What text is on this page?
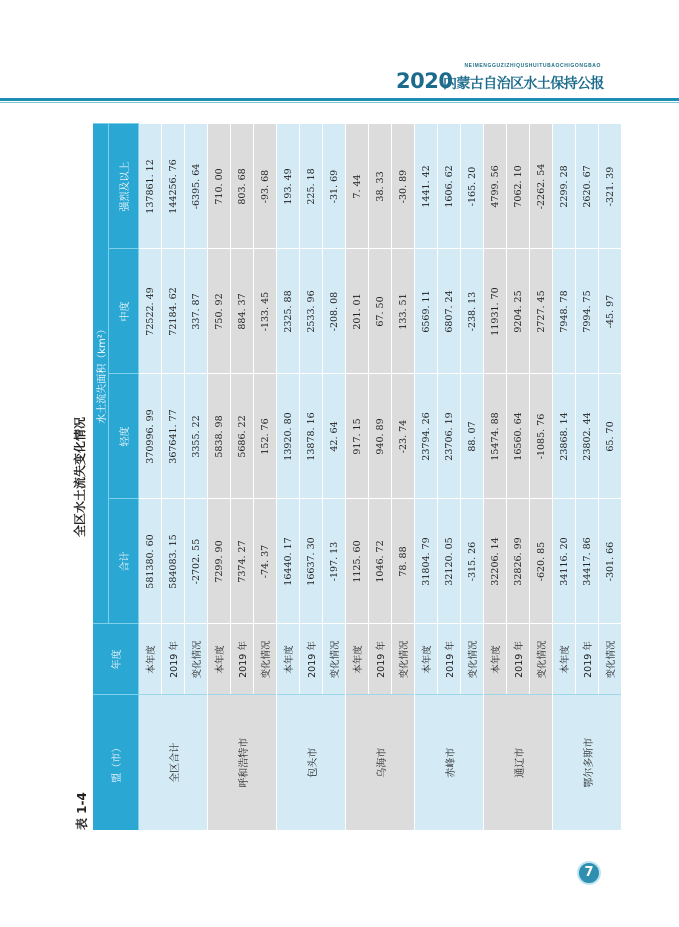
NEIMENGGUZIZHIQUSHUITUBAOCHIGONGBAO
2020
内蒙古自治区水土保持公报
表 1-4
全区水土流失变化情况
盟（市）	年度	水土流失面积（km²）			
		合计	轻度	中度	强烈及以上
全区合计	本年度	581380. 60	370996. 99	72522. 49	137861. 12
	2019 年	584083. 15	367641. 77	72184. 62	144256. 76
	变化情况	-2702. 55	3355. 22	337. 87	-6395. 64
呼和浩特市	本年度	7299. 90	5838. 98	750. 92	710. 00
	2019 年	7374. 27	5686. 22	884. 37	803. 68
	变化情况	-74. 37	152. 76	-133. 45	-93. 68
包头市	本年度	16440. 17	13920. 80	2325. 88	193. 49
	2019 年	16637. 30	13878. 16	2533. 96	225. 18
	变化情况	-197. 13	42. 64	-208. 08	-31. 69
乌海市	本年度	1125. 60	917. 15	201. 01	7. 44
	2019 年	1046. 72	940. 89	67. 50	38. 33
	变化情况	78. 88	-23. 74	133. 51	-30. 89
赤峰市	本年度	31804. 79	23794. 26	6569. 11	1441. 42
	2019 年	32120. 05	23706. 19	6807. 24	1606. 62
	变化情况	-315. 26	88. 07	-238. 13	-165. 20
通辽市	本年度	32206. 14	15474. 88	11931. 70	4799. 56
	2019 年	32826. 99	16560. 64	9204. 25	7062. 10
	变化情况	-620. 85	-1085. 76	2727. 45	-2262. 54
鄂尔多斯市	本年度	34116. 20	23868. 14	7948. 78	2299. 28
	2019 年	34417. 86	23802. 44	7994. 75	2620. 67
	变化情况	-301. 66	65. 70	-45. 97	-321. 39
7
